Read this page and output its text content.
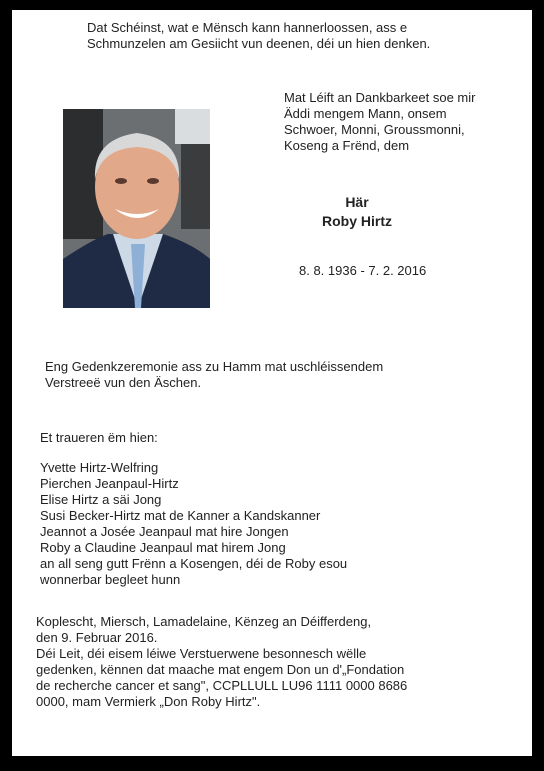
Dat Schéinst, wat e Mënsch kann hannerloossen, ass e
Schmunzelen am Gesiicht vun deenen, déi un hien denken.

Mat Léift an Dankbarkeet soe mir
Äddi mengem Mann, onsem
Schwoer, Monni, Groussmonni,
Koseng a Frënd, dem

Här
Roby Hirtz

8. 8. 1936 - 7. 2. 2016

Eng Gedenkzeremonie ass zu Hamm mat uschléissendem
Verstreeë vun den Äschen.

Et traueren ëm hien:

Yvette Hirtz-Welfring
Pierchen Jeanpaul-Hirtz
Elise Hirtz a säi Jong
Susi Becker-Hirtz mat de Kanner a Kandskanner
Jeannot a Josée Jeanpaul mat hire Jongen
Roby a Claudine Jeanpaul mat hirem Jong
an all seng gutt Frënn a Kosengen, déi de Roby esou
wonnerbar begleet hunn

Koplescht, Miersch, Lamadelaine, Kënzeg an Déifferdeng,
den 9. Februar 2016.
Déi Leit, déi eisem léiwe Verstuerwene besonnesch wëlle
gedenken, kënnen dat maache mat engem Don un d'„Fondation
de recherche cancer et sang", CCPLLULL LU96 1111 0000 8686
0000, mam Vermierk „Don Roby Hirtz".
